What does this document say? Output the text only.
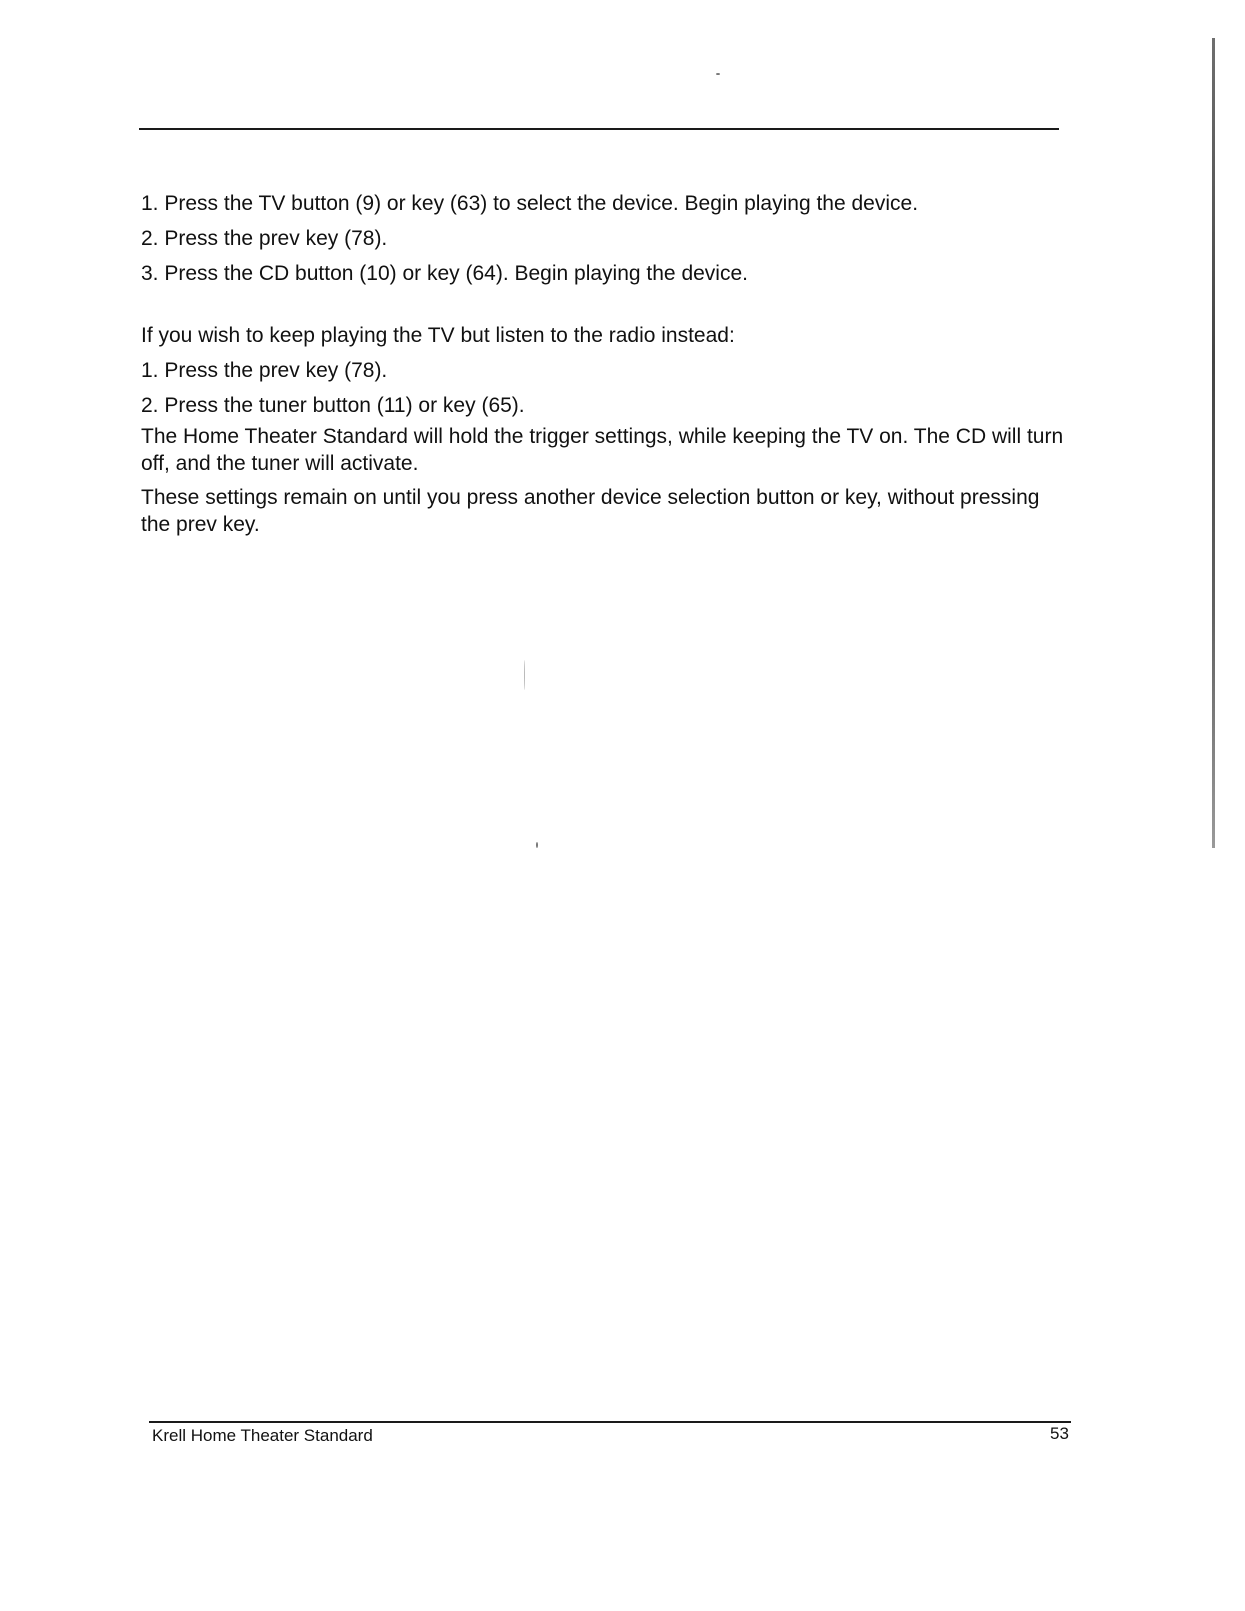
1. Press the TV button (9) or key (63) to select the device. Begin playing the device.

2. Press the prev key (78).

3. Press the CD button (10) or key (64). Begin playing the device.

If you wish to keep playing the TV but listen to the radio instead:

1. Press the prev key (78).

2. Press the tuner button (11) or key (65).

The Home Theater Standard will hold the trigger settings, while keeping the TV on. The CD will turn off, and the tuner will activate.

These settings remain on until you press another device selection button or key, without pressing the prev key.

Krell Home Theater Standard	53
